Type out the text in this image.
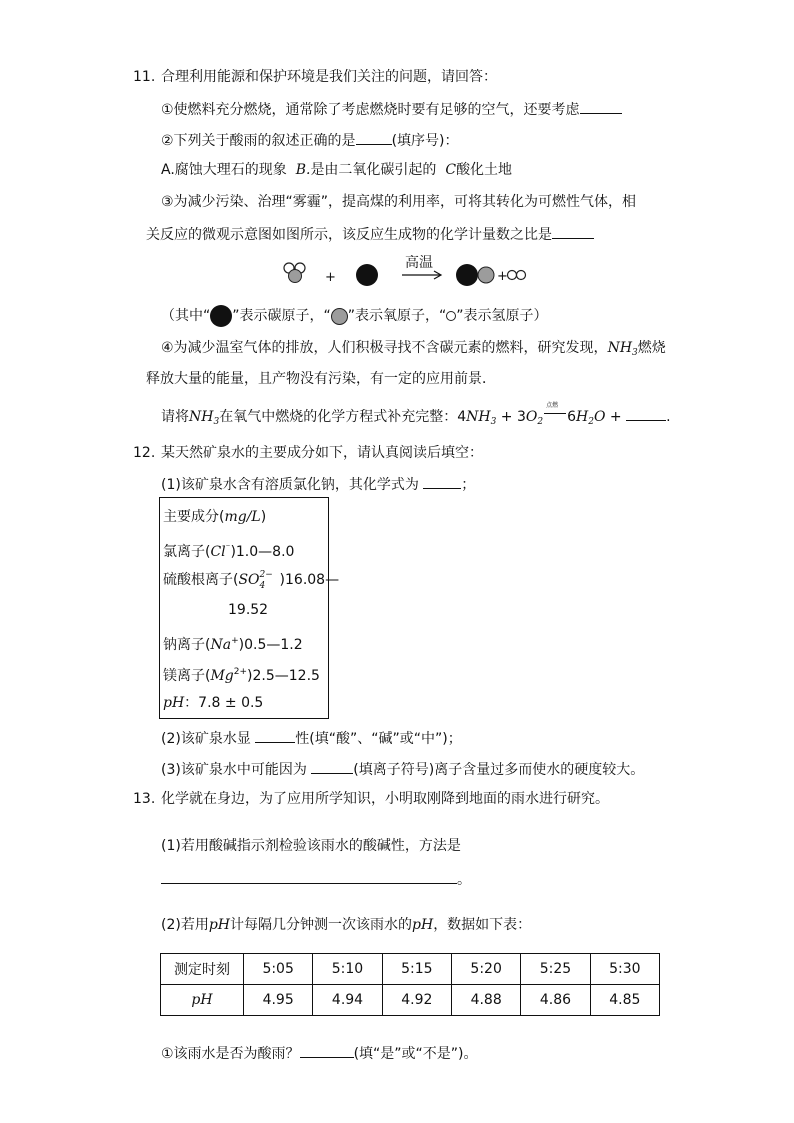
11. 合理利用能源和保护环境是我们关注的问题，请回答：
①使燃料充分燃烧，通常除了考虑燃烧时要有足够的空气，还要考虑
②下列关于酸雨的叙述正确的是	(填序号)：
A.腐蚀大理石的现象 B.是由二氧化碳引起的 C酸化土地
③为减少污染、治理“雾霾”，提高煤的利用率，可将其转化为可燃性气体，相
关反应的微观示意图如图所示，该反应生成物的化学计量数之比是
+
高温
+
（其中“ ”表示碳原子，“ ”表示氧原子，“ ”表示氢原子）
④为减少温室气体的排放，人们积极寻找不含碳元素的燃料，研究发现，$NH_3$燃烧
释放大量的能量，且产物没有污染，有一定的应用前景．
请将$NH_3$在氧气中燃烧的化学方程式补充完整：$4NH_3 + 3O_2$
点燃
$6H_2O$ +	.
12. 某天然矿泉水的主要成分如下，请认真阅读后填空：
(1)该矿泉水含有溶质氯化钠，其化学式为	；
主要成分(mg/L)
氯离子(Cl⁻)1.0—8.0
硫酸根离子(SO 2−
4 )16.08—
19.52
钠离子(Na+)0.5—1.2
镁离子$(Mg^{2+})2.5—12.5$
pH：7.8 ± 0.5
(2)该矿泉水显	性(填“酸”、“碱”或“中”)；
(3)该矿泉水中可能因为	(填离子符号)离子含量过多而使水的硬度较大。
13. 化学就在身边，为了应用所学知识，小明取刚降到地面的雨水进行研究。
(1)若用酸碱指示剂检验该雨水的酸碱性，方法是
。
(2)若用pH计每隔几分钟测一次该雨水的pH，数据如下表：
测定时刻	5:05	5:10	5:15	5:20	5:25	5:30
pH	4.95	4.94	4.92	4.88	4.86	4.85
①该雨水是否为酸雨？	(填“是”或“不是”)。
